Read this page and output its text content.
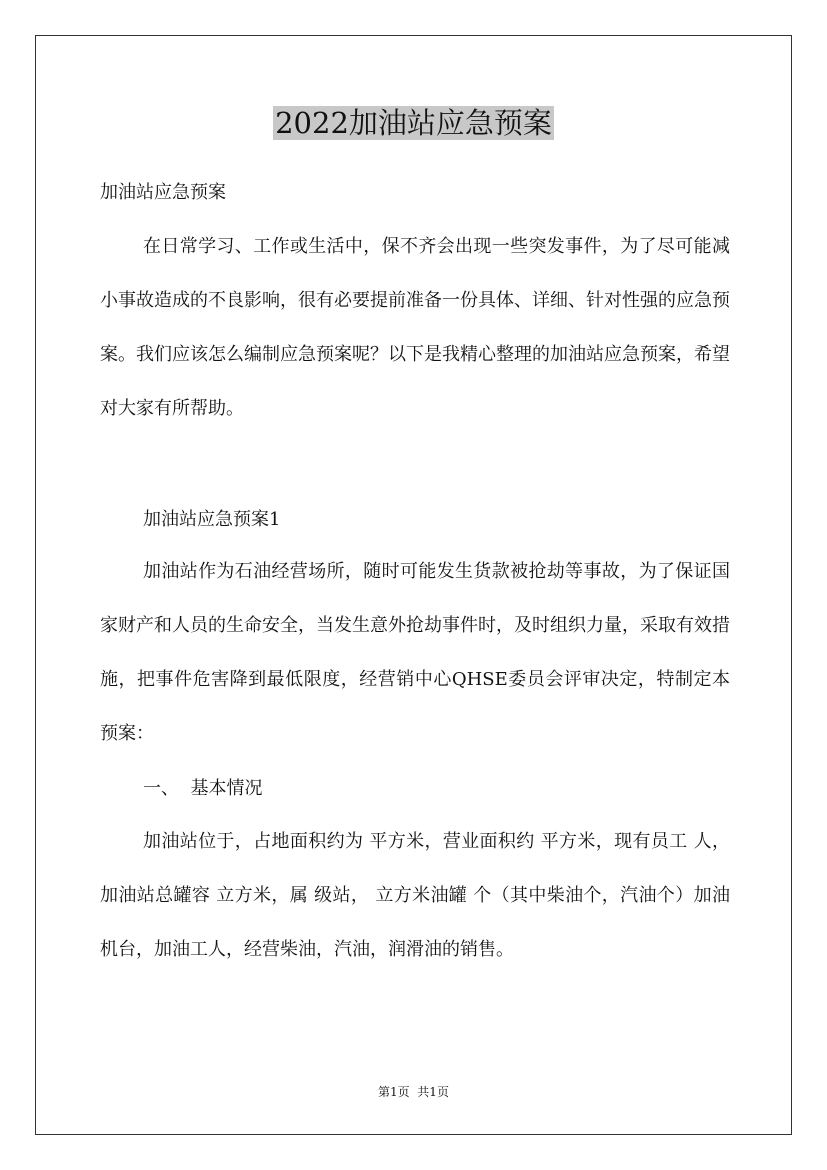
2022加油站应急预案

加油站应急预案

在日常学习、工作或生活中，保不齐会出现一些突发事件，为了尽可能减小事故造成的不良影响，很有必要提前准备一份具体、详细、针对性强的应急预案。我们应该怎么编制应急预案呢？以下是我精心整理的加油站应急预案，希望对大家有所帮助。

加油站应急预案1

加油站作为石油经营场所，随时可能发生货款被抢劫等事故，为了保证国家财产和人员的生命安全，当发生意外抢劫事件时，及时组织力量，采取有效措施，把事件危害降到最低限度，经营销中心QHSE委员会评审决定，特制定本预案：

一、  基本情况

加油站位于，占地面积约为 平方米，营业面积约 平方米，现有员工 人，加油站总罐容 立方米，属 级站， 立方米油罐 个（其中柴油个，汽油个）加油机台，加油工人，经营柴油，汽油，润滑油的销售。

第1页  共1页
